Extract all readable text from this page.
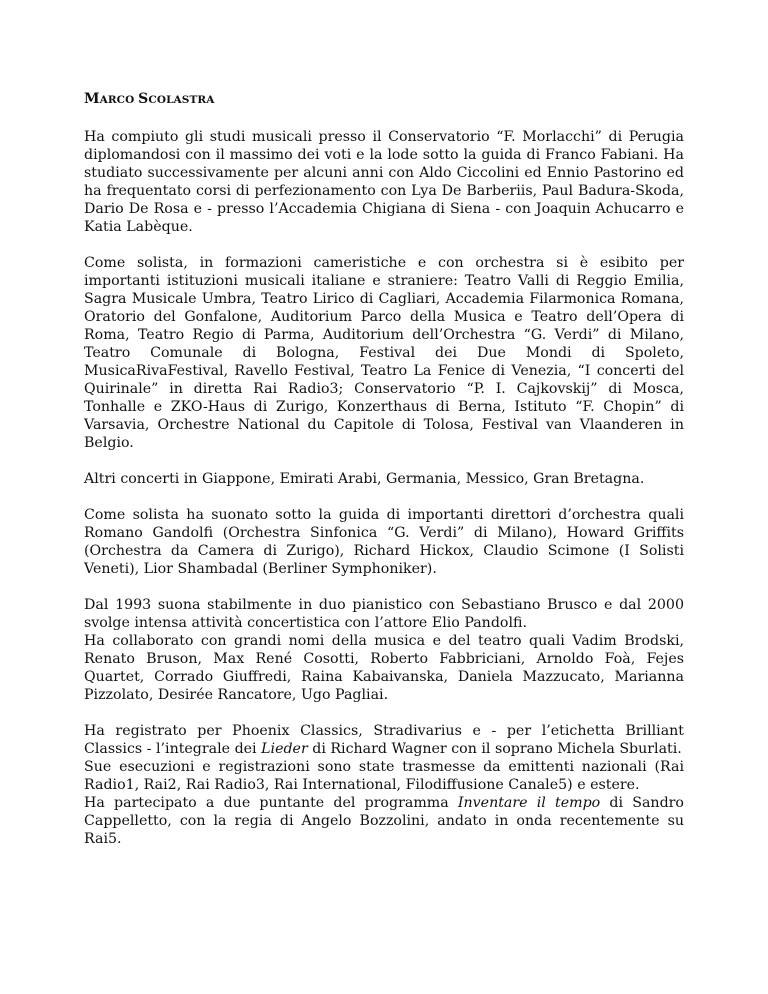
MARCO SCOLASTRA

Ha compiuto gli studi musicali presso il Conservatorio “F. Morlacchi” di Perugia diplomandosi con il massimo dei voti e la lode sotto la guida di Franco Fabiani. Ha studiato successivamente per alcuni anni con Aldo Ciccolini ed Ennio Pastorino ed ha frequentato corsi di perfezionamento con Lya De Barberiis, Paul Badura-Skoda, Dario De Rosa e - presso l’Accademia Chigiana di Siena - con Joaquin Achucarro e Katia Labèque.

Come solista, in formazioni cameristiche e con orchestra si è esibito per importanti istituzioni musicali italiane e straniere: Teatro Valli di Reggio Emilia, Sagra Musicale Umbra, Teatro Lirico di Cagliari, Accademia Filarmonica Romana, Oratorio del Gonfalone, Auditorium Parco della Musica e Teatro dell’Opera di Roma, Teatro Regio di Parma, Auditorium dell’Orchestra “G. Verdi” di Milano, Teatro Comunale di Bologna, Festival dei Due Mondi di Spoleto, MusicaRivaFestival, Ravello Festival, Teatro La Fenice di Venezia, “I concerti del Quirinale” in diretta Rai Radio3; Conservatorio “P. I. Cajkovskij” di Mosca, Tonhalle e ZKO-Haus di Zurigo, Konzerthaus di Berna, Istituto “F. Chopin” di Varsavia, Orchestre National du Capitole di Tolosa, Festival van Vlaanderen in Belgio.

Altri concerti in Giappone, Emirati Arabi, Germania, Messico, Gran Bretagna.

Come solista ha suonato sotto la guida di importanti direttori d’orchestra quali Romano Gandolfi (Orchestra Sinfonica “G. Verdi” di Milano), Howard Griffits (Orchestra da Camera di Zurigo), Richard Hickox, Claudio Scimone (I Solisti Veneti), Lior Shambadal (Berliner Symphoniker).

Dal 1993 suona stabilmente in duo pianistico con Sebastiano Brusco e dal 2000 svolge intensa attività concertistica con l’attore Elio Pandolfi.

Ha collaborato con grandi nomi della musica e del teatro quali Vadim Brodski, Renato Bruson, Max René Cosotti, Roberto Fabbriciani, Arnoldo Foà, Fejes Quartet, Corrado Giuffredi, Raina Kabaivanska, Daniela Mazzucato, Marianna Pizzolato, Desirée Rancatore, Ugo Pagliai.

Ha registrato per Phoenix Classics, Stradivarius e - per l’etichetta Brilliant Classics - l’integrale dei Lieder di Richard Wagner con il soprano Michela Sburlati.

Sue esecuzioni e registrazioni sono state trasmesse da emittenti nazionali (Rai Radio1, Rai2, Rai Radio3, Rai International, Filodiffusione Canale5) e estere.

Ha partecipato a due puntante del programma Inventare il tempo di Sandro Cappelletto, con la regia di Angelo Bozzolini, andato in onda recentemente su Rai5.
